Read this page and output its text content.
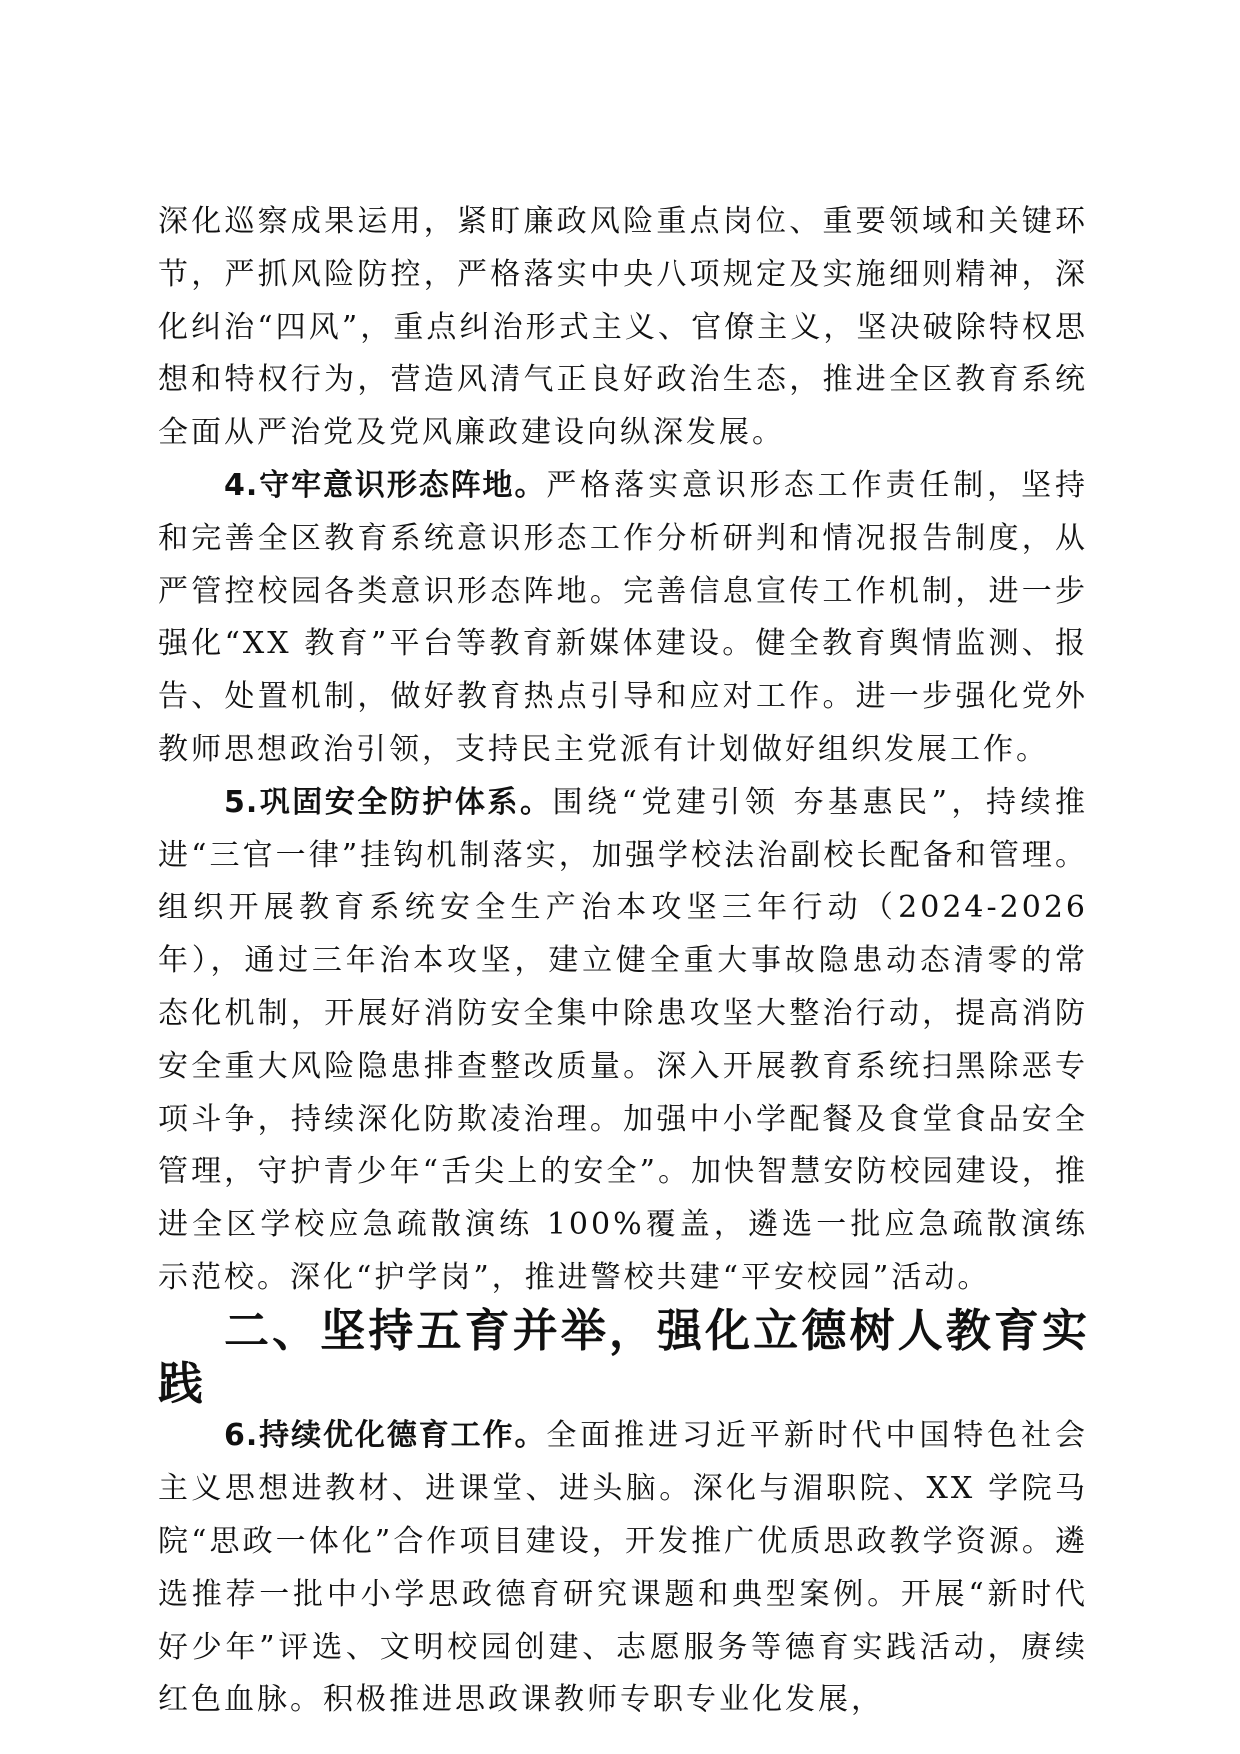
深化巡察成果运用，紧盯廉政风险重点岗位、重要领域和关键环节，严抓风险防控，严格落实中央八项规定及实施细则精神，深化纠治“四风”，重点纠治形式主义、官僚主义，坚决破除特权思想和特权行为，营造风清气正良好政治生态，推进全区教育系统全面从严治党及党风廉政建设向纵深发展。

4.守牢意识形态阵地。严格落实意识形态工作责任制，坚持和完善全区教育系统意识形态工作分析研判和情况报告制度，从严管控校园各类意识形态阵地。完善信息宣传工作机制，进一步强化“XX 教育”平台等教育新媒体建设。健全教育舆情监测、报告、处置机制，做好教育热点引导和应对工作。进一步强化党外教师思想政治引领，支持民主党派有计划做好组织发展工作。

5.巩固安全防护体系。围绕“党建引领 夯基惠民”，持续推进“三官一律”挂钩机制落实，加强学校法治副校长配备和管理。组织开展教育系统安全生产治本攻坚三年行动（2024-2026 年），通过三年治本攻坚，建立健全重大事故隐患动态清零的常态化机制，开展好消防安全集中除患攻坚大整治行动，提高消防安全重大风险隐患排查整改质量。深入开展教育系统扫黑除恶专项斗争，持续深化防欺凌治理。加强中小学配餐及食堂食品安全管理，守护青少年“舌尖上的安全”。加快智慧安防校园建设，推进全区学校应急疏散演练 100%覆盖，遴选一批应急疏散演练示范校。深化“护学岗”，推进警校共建“平安校园”活动。

二、坚持五育并举，强化立德树人教育实践

6.持续优化德育工作。全面推进习近平新时代中国特色社会主义思想进教材、进课堂、进头脑。深化与湄职院、XX 学院马院“思政一体化”合作项目建设，开发推广优质思政教学资源。遴选推荐一批中小学思政德育研究课题和典型案例。开展“新时代好少年”评选、文明校园创建、志愿服务等德育实践活动，赓续红色血脉。积极推进思政课教师专职专业化发展，
